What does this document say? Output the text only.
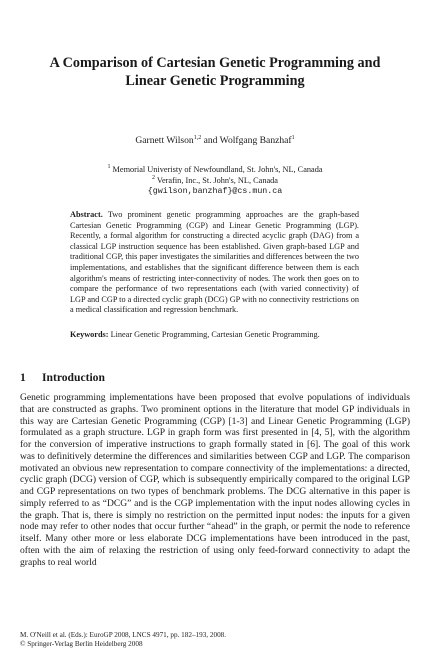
A Comparison of Cartesian Genetic Programming and
Linear Genetic Programming
Garnett Wilson$^{1,2}$ and Wolfgang Banzhaf$^1$
$^1$ Memorial Univeristy of Newfoundland, St. John's, NL, Canada
$^2$ Verafin, Inc., St. John's, NL, Canada
{gwilson,banzhaf}@cs.mun.ca
Abstract. Two prominent genetic programming approaches are the graph-based Cartesian Genetic Programming (CGP) and Linear Genetic Programming (LGP). Recently, a formal algorithm for constructing a directed acyclic graph (DAG) from a classical LGP instruction sequence has been established. Given graph-based LGP and traditional CGP, this paper investigates the similarities and differences between the two implementations, and establishes that the significant difference between them is each algorithm's means of restricting inter-connectivity of nodes. The work then goes on to compare the performance of two representations each (with varied connectivity) of LGP and CGP to a directed cyclic graph (DCG) GP with no connectivity restrictions on a medical classification and regression benchmark.
Keywords: Linear Genetic Programming, Cartesian Genetic Programming.
1 Introduction
Genetic programming implementations have been proposed that evolve populations of individuals that are constructed as graphs. Two prominent options in the literature that model GP individuals in this way are Cartesian Genetic Programming (CGP) [1-3] and Linear Genetic Programming (LGP) formulated as a graph structure. LGP in graph form was first presented in [4, 5], with the algorithm for the conversion of imperative instructions to graph formally stated in [6]. The goal of this work was to definitively determine the differences and similarities between CGP and LGP. The comparison motivated an obvious new representation to compare connectivity of the implementations: a directed, cyclic graph (DCG) version of CGP, which is subsequently empirically compared to the original LGP and CGP representations on two types of benchmark problems. The DCG alternative in this paper is simply referred to as “DCG” and is the CGP implementation with the input nodes allowing cycles in the graph. That is, there is simply no restriction on the permitted input nodes: the inputs for a given node may refer to other nodes that occur further “ahead” in the graph, or permit the node to reference itself. Many other more or less elaborate DCG implementations have been introduced in the past, often with the aim of relaxing the restriction of using only feed-forward connectivity to adapt the graphs to real world
M. O'Neill et al. (Eds.): EuroGP 2008, LNCS 4971, pp. 182–193, 2008.
© Springer-Verlag Berlin Heidelberg 2008
